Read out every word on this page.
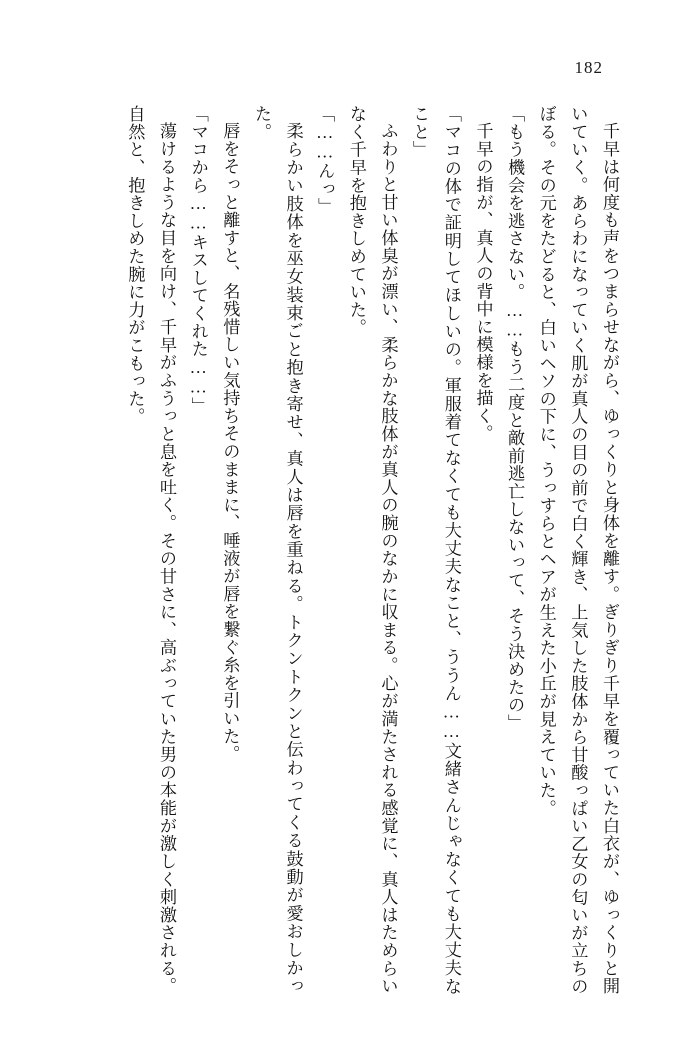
182

千早は何度も声をつまらせながら、ゆっくりと身体を離す。ぎりぎり千早を覆っていた白衣が、ゆっくりと開いていく。あらわになっていく肌が真人の目の前で白く輝き、上気した肢体から甘酸っぱい乙女の匂いが立ちのぼる。その元をたどると、白いヘソの下に、うっすらとヘアが生えた小丘が見えていた。

「もう機会を逃さない。……もう二度と敵前逃亡しないって、そう決めたの」

千早の指が、真人の背中に模様を描く。

「マコの体で証明してほしいの。軍服着てなくても大丈夫なこと、ううん……文緒さんじゃなくても大丈夫なこと」

ふわりと甘い体臭が漂い、柔らかな肢体が真人の腕のなかに収まる。心が満たされる感覚に、真人はためらいなく千早を抱きしめていた。

「……んっ」

柔らかい肢体を巫女装束ごと抱き寄せ、真人は唇を重ねる。トクントクンと伝わってくる鼓動が愛おしかった。

唇をそっと離すと、名残惜しい気持ちそのままに、唾液が唇を繋ぐ糸を引いた。

「マコから……キスしてくれた……」

蕩けるような目を向け、千早がふうっと息を吐く。その甘さに、高ぶっていた男の本能が激しく刺激される。自然と、抱きしめた腕に力がこもった。
